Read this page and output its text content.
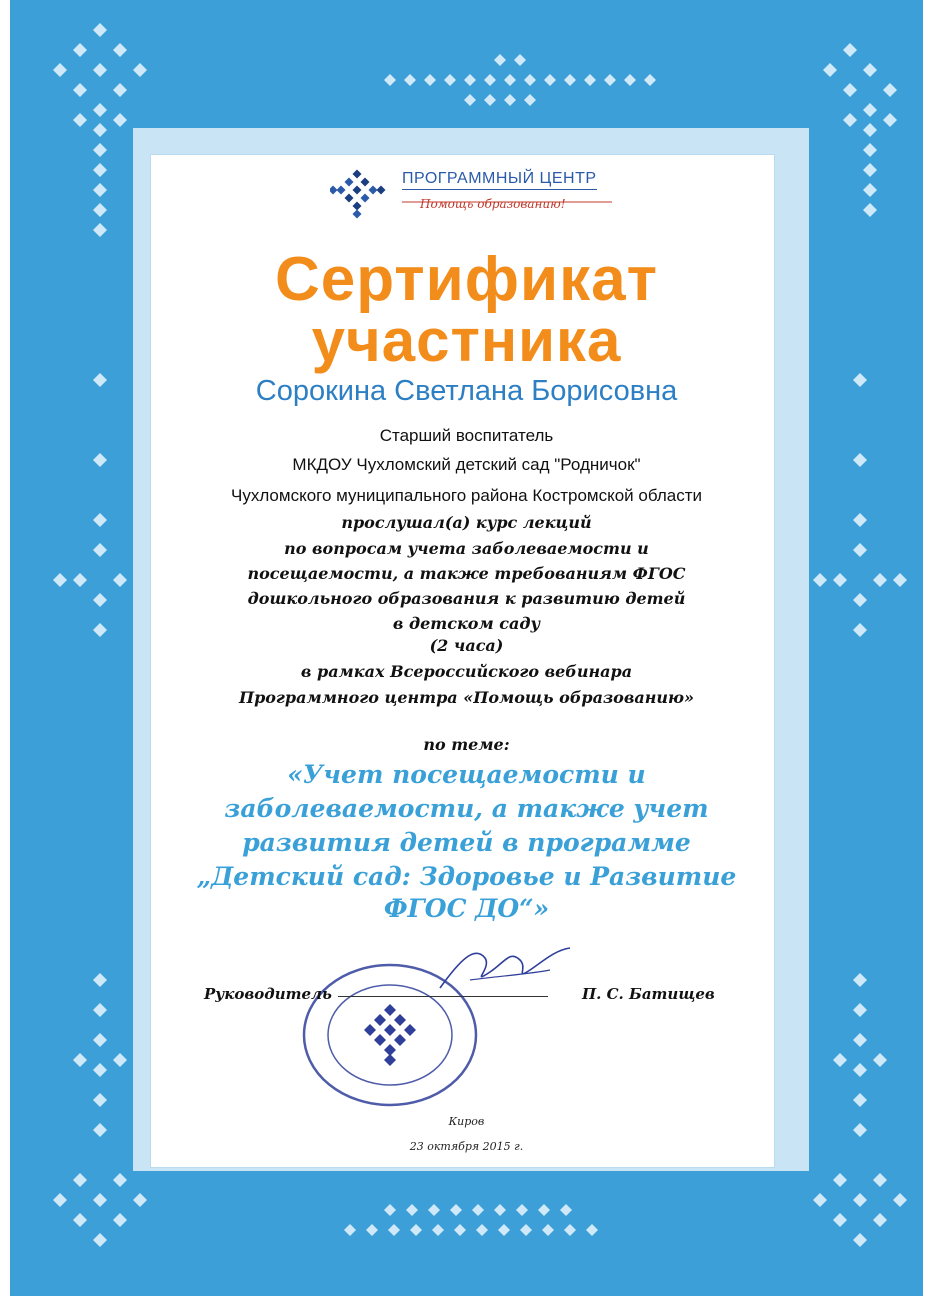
ПРОГРАММНЫЙ ЦЕНТР
Помощь образованию!
Сертификат
участника
Сорокина Светлана Борисовна
Старший воспитатель
МКДОУ Чухломский детский сад "Родничок"
Чухломского муниципального района Костромской области
прослушал(а) курс лекций
по вопросам учета заболеваемости и
посещаемости, а также требованиям ФГОС
дошкольного образования к развитию детей
в детском саду
(2 часа)
в рамках Всероссийского вебинара
Программного центра «Помощь образованию»
по теме:
«Учет посещаемости и
заболеваемости, а также учет
развития детей в программе
„Детский сад: Здоровье и Развитие
ФГОС ДО“»
Руководитель	П. С. Батищев
Киров
23 октября 2015 г.
